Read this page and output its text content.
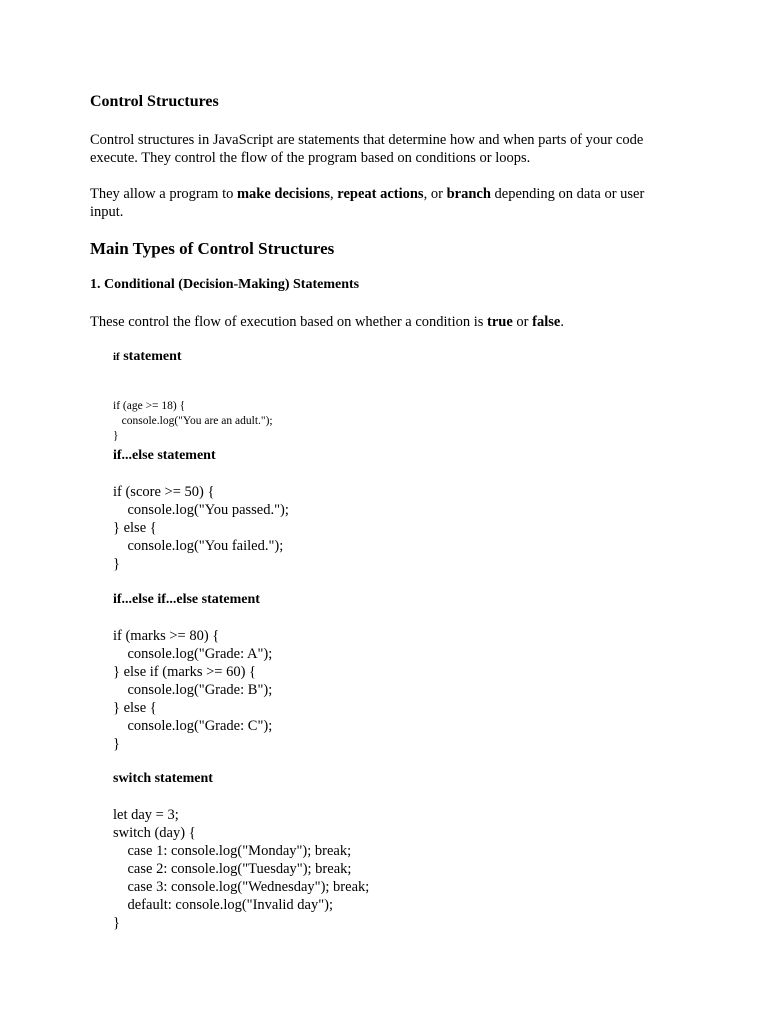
Control Structures
Control structures in JavaScript are statements that determine how and when parts of your code execute. They control the flow of the program based on conditions or loops.
They allow a program to make decisions, repeat actions, or branch depending on data or user input.
Main Types of Control Structures
1. Conditional (Decision-Making) Statements
These control the flow of execution based on whether a condition is true or false.
if statement

if (age >= 18) {
console.log("You are an adult.");
}
if...else statement
if (score >= 50) {
console.log("You passed.");
} else {
console.log("You failed.");
}
if...else if...else statement
if (marks >= 80) {
console.log("Grade: A");
} else if (marks >= 60) {
console.log("Grade: B");
} else {
console.log("Grade: C");
}
switch statement
let day = 3;
switch (day) {
case 1: console.log("Monday"); break;
case 2: console.log("Tuesday"); break;
case 3: console.log("Wednesday"); break;
default: console.log("Invalid day");
}
